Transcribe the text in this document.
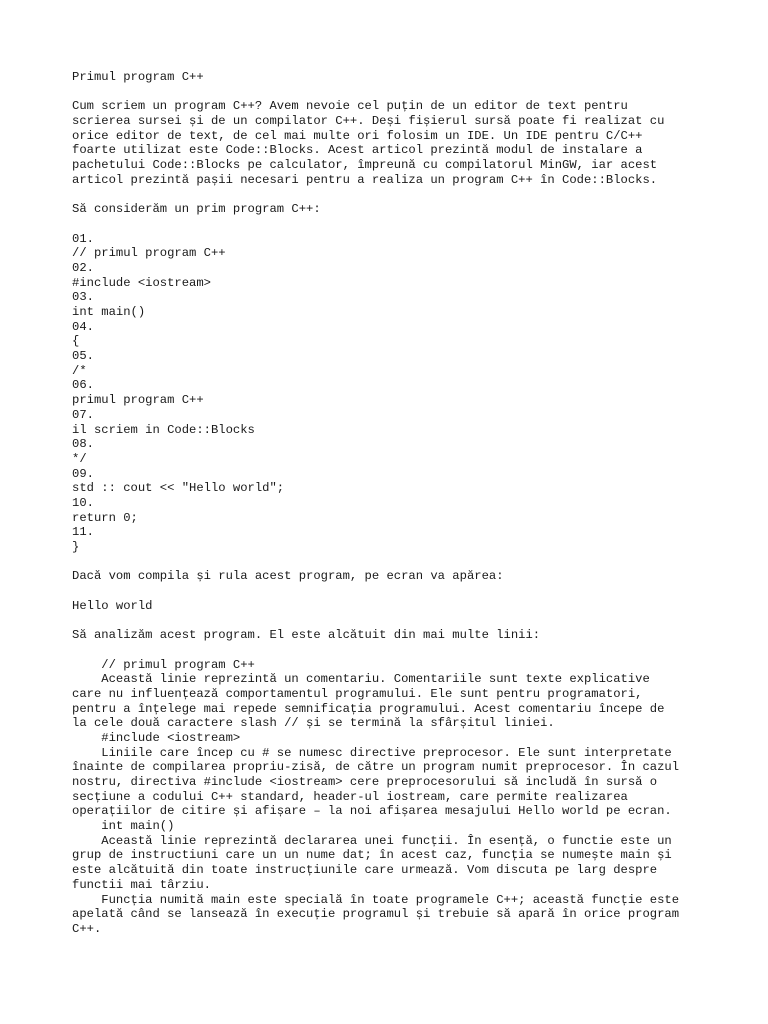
Primul program C++
Cum scriem un program C++? Avem nevoie cel puțin de un editor de text pentru
scrierea sursei și de un compilator C++. Deși fișierul sursă poate fi realizat cu
orice editor de text, de cel mai multe ori folosim un IDE. Un IDE pentru C/C++
foarte utilizat este Code::Blocks. Acest articol prezintă modul de instalare a
pachetului Code::Blocks pe calculator, împreună cu compilatorul MinGW, iar acest
articol prezintă pașii necesari pentru a realiza un program C++ în Code::Blocks.
Să considerăm un prim program C++:
01.
// primul program C++
02.
#include <iostream>
03.
int main()
04.
{
05.
/*
06.
primul program C++
07.
il scriem in Code::Blocks
08.
*/
09.
std :: cout << "Hello world";
10.
return 0;
11.
}
Dacă vom compila și rula acest program, pe ecran va apărea:
Hello world
Să analizăm acest program. El este alcătuit din mai multe linii:
// primul program C++
Această linie reprezintă un comentariu. Comentariile sunt texte explicative
care nu influențează comportamentul programului. Ele sunt pentru programatori,
pentru a înțelege mai repede semnificația programului. Acest comentariu începe de
la cele două caractere slash // și se termină la sfârșitul liniei.
#include <iostream>
Liniile care încep cu # se numesc directive preprocesor. Ele sunt interpretate
înainte de compilarea propriu-zisă, de către un program numit preprocesor. În cazul
nostru, directiva #include <iostream> cere preprocesorului să includă în sursă o
secțiune a codului C++ standard, header-ul iostream, care permite realizarea
operațiilor de citire și afișare – la noi afișarea mesajului Hello world pe ecran.
int main()
Această linie reprezintă declararea unei funcții. În esență, o functie este un
grup de instructiuni care un un nume dat; în acest caz, funcția se numește main și
este alcătuită din toate instrucțiunile care urmează. Vom discuta pe larg despre
functii mai târziu.
Funcția numită main este specială în toate programele C++; această funcție este
apelată când se lansează în execuție programul și trebuie să apară în orice program
C++.
